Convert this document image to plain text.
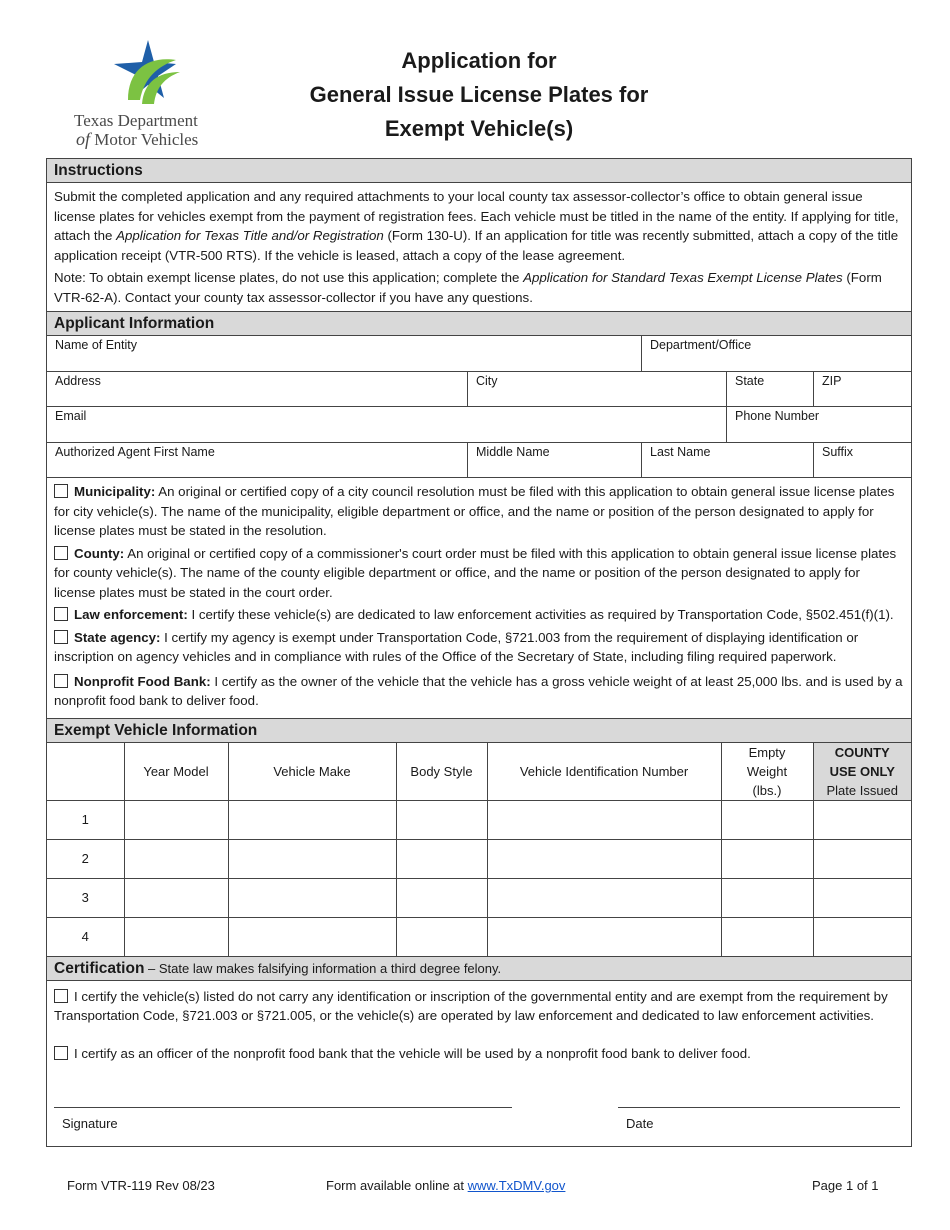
Texas Department
of Motor Vehicles
Application for
General Issue License Plates for
Exempt Vehicle(s)
Instructions

Submit the completed application and any required attachments to your local county tax assessor-collector’s office to obtain general issue license plates for vehicles exempt from the payment of registration fees. Each vehicle must be titled in the name of the entity. If applying for title, attach the Application for Texas Title and/or Registration (Form 130-U). If an application for title was recently submitted, attach a copy of the title application receipt (VTR-500 RTS). If the vehicle is leased, attach a copy of the lease agreement.

Note: To obtain exempt license plates, do not use this application; complete the Application for Standard Texas Exempt License Plates (Form VTR-62-A). Contact your county tax assessor-collector if you have any questions.

Applicant Information
Name of Entity	Department/Office
Address	City	State	ZIP
Email	Phone Number
Authorized Agent First Name	Middle Name	Last Name	Suffix

Municipality: An original or certified copy of a city council resolution must be filed with this application to obtain general issue license plates for city vehicle(s). The name of the municipality, eligible department or office, and the name or position of the person designated to apply for license plates must be stated in the resolution.

County: An original or certified copy of a commissioner's court order must be filed with this application to obtain general issue license plates for county vehicle(s). The name of the county eligible department or office, and the name or position of the person designated to apply for license plates must be stated in the court order.

Law enforcement: I certify these vehicle(s) are dedicated to law enforcement activities as required by Transportation Code, §502.451(f)(1).

State agency: I certify my agency is exempt under Transportation Code, §721.003 from the requirement of displaying identification or inscription on agency vehicles and in compliance with rules of the Office of the Secretary of State, including filing required paperwork.

Nonprofit Food Bank: I certify as the owner of the vehicle that the vehicle has a gross vehicle weight of at least 25,000 lbs. and is used by a nonprofit food bank to deliver food.

Exempt Vehicle Information
	Year Model	Vehicle Make	Body Style	Vehicle Identification Number	Empty
Weight
(lbs.)	COUNTY
USE ONLY
Plate Issued
1						
2						
3						
4						
Certification – State law makes falsifying information a third degree felony.

I certify the vehicle(s) listed do not carry any identification or inscription of the governmental entity and are exempt from the requirement by Transportation Code, §721.003 or §721.005, or the vehicle(s) are operated by law enforcement and dedicated to law enforcement activities.

I certify as an officer of the nonprofit food bank that the vehicle will be used by a nonprofit food bank to deliver food.

Signature	Date
Form VTR-119 Rev 08/23	Form available online at www.TxDMV.gov	Page 1 of 1
